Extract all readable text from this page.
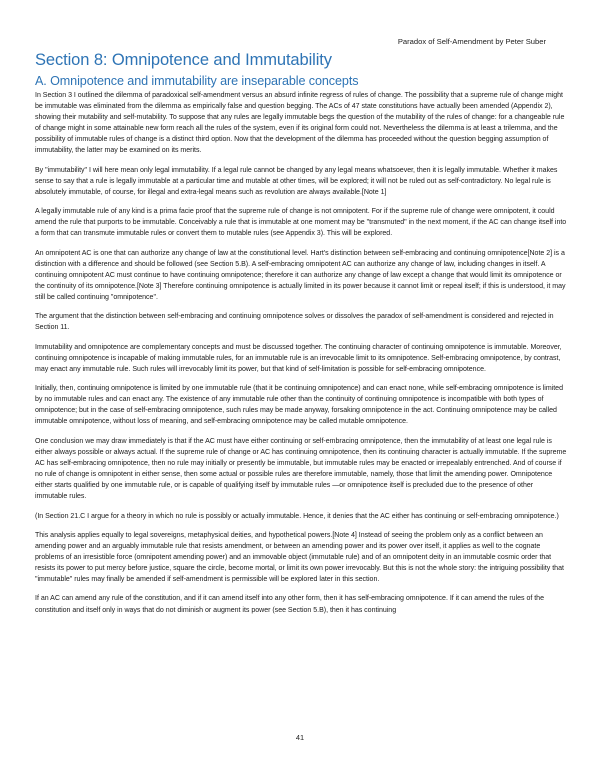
Paradox of Self-Amendment by Peter Suber
Section 8: Omnipotence and Immutability
A. Omnipotence and immutability are inseparable concepts

In Section 3 I outlined the dilemma of paradoxical self-amendment versus an absurd infinite regress of rules of change. The possibility that a supreme rule of change might be immutable was eliminated from the dilemma as empirically false and question begging. The ACs of 47 state constitutions have actually been amended (Appendix 2), showing their mutability and self-mutability. To suppose that any rules are legally immutable begs the question of the mutability of the rules of change: for a changeable rule of change might in some attainable new form reach all the rules of the system, even if its original form could not. Nevertheless the dilemma is at least a trilemma, and the possibility of immutable rules of change is a distinct third option. Now that the development of the dilemma has proceeded without the question begging assumption of immutability, the latter may be examined on its merits.

By "immutability" I will here mean only legal immutability. If a legal rule cannot be changed by any legal means whatsoever, then it is legally immutable. Whether it makes sense to say that a rule is legally immutable at a particular time and mutable at other times, will be explored; it will not be ruled out as self-contradictory. No legal rule is absolutely immutable, of course, for illegal and extra-legal means such as revolution are always available.[Note 1]

A legally immutable rule of any kind is a prima facie proof that the supreme rule of change is not omnipotent. For if the supreme rule of change were omnipotent, it could amend the rule that purports to be immutable. Conceivably a rule that is immutable at one moment may be "transmuted" in the next moment, if the AC can change itself into a form that can transmute immutable rules or convert them to mutable rules (see Appendix 3). This will be explored.

An omnipotent AC is one that can authorize any change of law at the constitutional level. Hart's distinction between self-embracing and continuing omnipotence[Note 2] is a distinction with a difference and should be followed (see Section 5.B). A self-embracing omnipotent AC can authorize any change of law, including changes in itself. A continuing omnipotent AC must continue to have continuing omnipotence; therefore it can authorize any change of law except a change that would limit its omnipotence or the continuity of its omnipotence.[Note 3] Therefore continuing omnipotence is actually limited in its power because it cannot limit or repeal itself; if this is understood, it may still be called continuing "omnipotence".

The argument that the distinction between self-embracing and continuing omnipotence solves or dissolves the paradox of self-amendment is considered and rejected in Section 11.

Immutability and omnipotence are complementary concepts and must be discussed together. The continuing character of continuing omnipotence is immutable. Moreover, continuing omnipotence is incapable of making immutable rules, for an immutable rule is an irrevocable limit to its omnipotence. Self-embracing omnipotence, by contrast, may enact any immutable rule. Such rules will irrevocably limit its power, but that kind of self-limitation is possible for self-embracing omnipotence.

Initially, then, continuing omnipotence is limited by one immutable rule (that it be continuing omnipotence) and can enact none, while self-embracing omnipotence is limited by no immutable rules and can enact any. The existence of any immutable rule other than the continuity of continuing omnipotence is incompatible with both types of omnipotence; but in the case of self-embracing omnipotence, such rules may be made anyway, forsaking omnipotence in the act. Continuing omnipotence may be called immutable omnipotence, without loss of meaning, and self-embracing omnipotence may be called mutable omnipotence.

One conclusion we may draw immediately is that if the AC must have either continuing or self-embracing omnipotence, then the immutability of at least one legal rule is either always possible or always actual. If the supreme rule of change or AC has continuing omnipotence, then its continuing character is actually immutable. If the supreme AC has self-embracing omnipotence, then no rule may initially or presently be immutable, but immutable rules may be enacted or irrepealably entrenched. And of course if no rule of change is omnipotent in either sense, then some actual or possible rules are therefore immutable, namely, those that limit the amending power. Omnipotence either starts qualified by one immutable rule, or is capable of qualifying itself by immutable rules —or omnipotence itself is precluded due to the presence of other immutable rules.

(In Section 21.C I argue for a theory in which no rule is possibly or actually immutable. Hence, it denies that the AC either has continuing or self-embracing omnipotence.)

This analysis applies equally to legal sovereigns, metaphysical deities, and hypothetical powers.[Note 4] Instead of seeing the problem only as a conflict between an amending power and an arguably immutable rule that resists amendment, or between an amending power and its power over itself, it applies as well to the cognate problems of an irresistible force (omnipotent amending power) and an immovable object (immutable rule) and of an omnipotent deity in an immutable cosmic order that resists its power to put mercy before justice, square the circle, become mortal, or limit its own power irrevocably. But this is not the whole story: the intriguing possibility that "immutable" rules may finally be amended if self-amendment is permissible will be explored later in this section.

If an AC can amend any rule of the constitution, and if it can amend itself into any other form, then it has self-embracing omnipotence. If it can amend the rules of the constitution and itself only in ways that do not diminish or augment its power (see Section 5.B), then it has continuing

41
